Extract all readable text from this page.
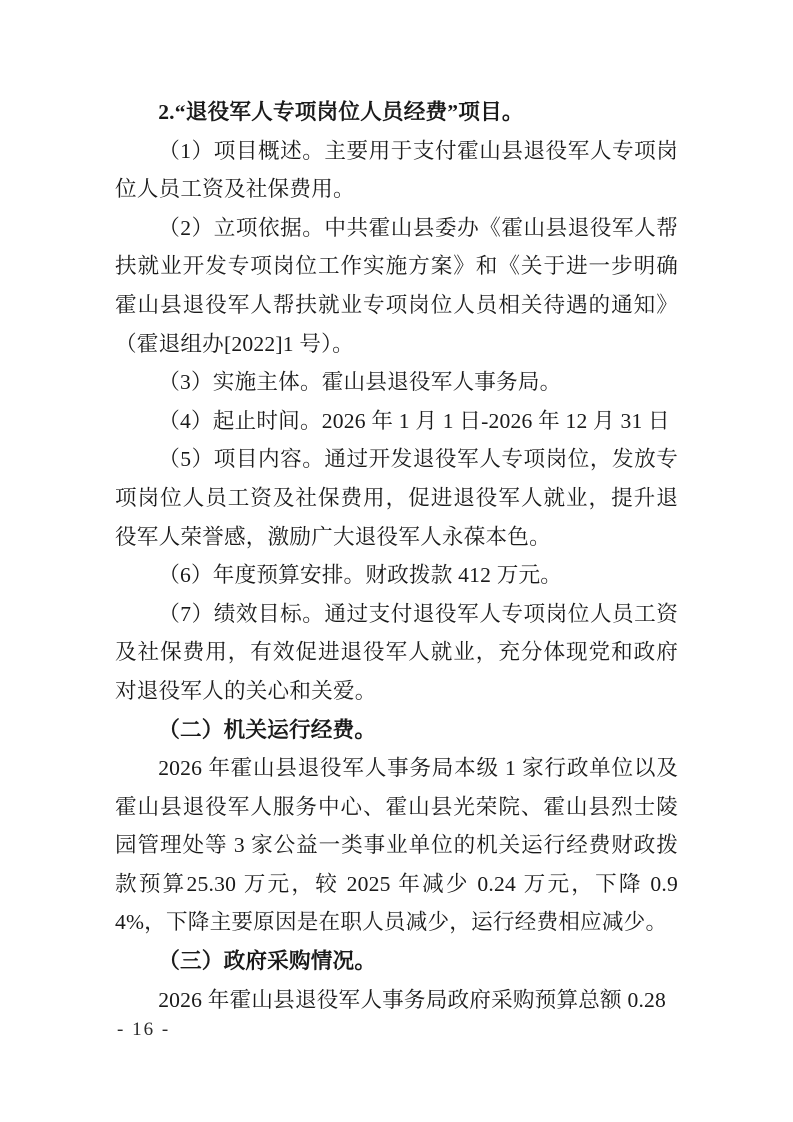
2.“退役军人专项岗位人员经费”项目。

（1）项目概述。主要用于支付霍山县退役军人专项岗位人员工资及社保费用。

（2）立项依据。中共霍山县委办《霍山县退役军人帮扶就业开发专项岗位工作实施方案》和《关于进一步明确霍山县退役军人帮扶就业专项岗位人员相关待遇的通知》（霍退组办[2022]1 号）。

（3）实施主体。霍山县退役军人事务局。

（4）起止时间。2026 年 1 月 1 日-2026 年 12 月 31 日

（5）项目内容。通过开发退役军人专项岗位，发放专项岗位人员工资及社保费用，促进退役军人就业，提升退役军人荣誉感，激励广大退役军人永葆本色。

（6）年度预算安排。财政拨款 412 万元。

（7）绩效目标。通过支付退役军人专项岗位人员工资及社保费用，有效促进退役军人就业，充分体现党和政府对退役军人的关心和关爱。

（二）机关运行经费。

2026 年霍山县退役军人事务局本级 1 家行政单位以及霍山县退役军人服务中心、霍山县光荣院、霍山县烈士陵园管理处等 3 家公益一类事业单位的机关运行经费财政拨款预算25.30 万元，较 2025 年减少 0.24 万元，下降 0.94%，下降主要原因是在职人员减少，运行经费相应减少。

（三）政府采购情况。

2026 年霍山县退役军人事务局政府采购预算总额 0.28

- 16 -
